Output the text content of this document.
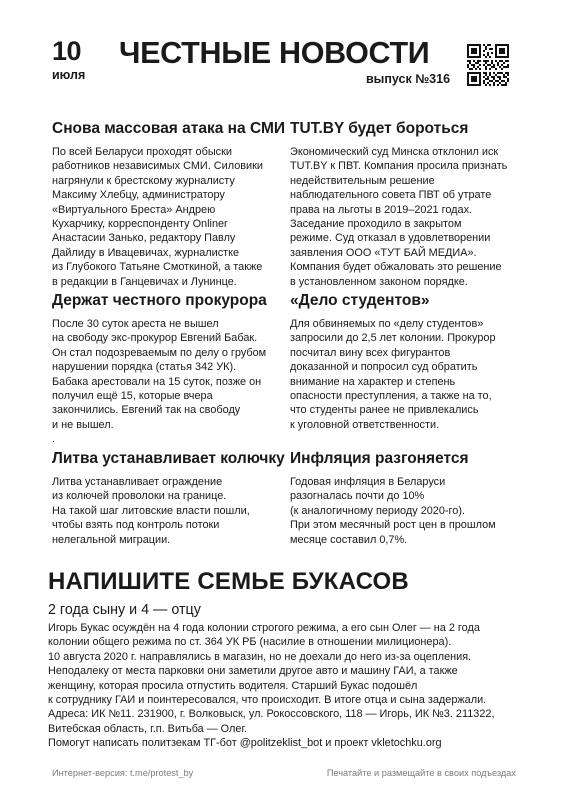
10
июля
ЧЕСТНЫЕ НОВОСТИ
выпуск №316
Снова массовая атака на СМИ
По всей Беларуси проходят обыски
работников независимых СМИ. Силовики
нагрянули к брестскому журналисту
Максиму Хлебцу, администратору
«Виртуального Бреста» Андрею
Кухарчику, корреспонденту Onliner
Анастасии Занько, редактору Павлу
Дайлиду в Ивацевичах, журналистке
из Глубокого Татьяне Смоткиной, а также
в редакции в Ганцевичах и Лунинце.
TUT.BY будет бороться
Экономический суд Минска отклонил иск
TUT.BY к ПВТ. Компания просила признать
недействительным решение
наблюдательного совета ПВТ об утрате
права на льготы в 2019–2021 годах.
Заседание проходило в закрытом
режиме. Суд отказал в удовлетворении
заявления ООО «ТУТ БАЙ МЕДИА».
Компания будет обжаловать это решение
в установленном законом порядке.
Держат честного прокурора
После 30 суток ареста не вышел
на свободу экс-прокурор Евгений Бабак.
Он стал подозреваемым по делу о грубом
нарушении порядка (статья 342 УК).
Бабака арестовали на 15 суток, позже он
получил ещё 15, которые вчера
закончились. Евгений так на свободу
и не вышел.
.
«Дело студентов»
Для обвиняемых по «делу студентов»
запросили до 2,5 лет колонии. Прокурор
посчитал вину всех фигурантов
доказанной и попросил суд обратить
внимание на характер и степень
опасности преступления, а также на то,
что студенты ранее не привлекались
к уголовной ответственности.
Литва устанавливает колючку
Литва устанавливает ограждение
из колючей проволоки на границе.
На такой шаг литовские власти пошли,
чтобы взять под контроль потоки
нелегальной миграции.
Инфляция разгоняется
Годовая инфляция в Беларуси
разогналась почти до 10%
(к аналогичному периоду 2020-го).
При этом месячный рост цен в прошлом
месяце составил 0,7%.
НАПИШИТЕ СЕМЬЕ БУКАСОВ
2 года сыну и 4 — отцу
Игорь Букас осуждён на 4 года колонии строгого режима, а его сын Олег — на 2 года
колонии общего режима по ст. 364 УК РБ (насилие в отношении милиционера).
10 августа 2020 г. направлялись в магазин, но не доехали до него из-за оцепления.
Неподалеку от места парковки они заметили другое авто и машину ГАИ, а также
женщину, которая просила отпустить водителя. Старший Букас подошёл
к сотруднику ГАИ и поинтересовался, что происходит. В итоге отца и сына задержали.
Адреса: ИК №11. 231900, г. Волковыск, ул. Рокоссовского, 118 — Игорь, ИК №3. 211322,
Витебская область, г.п. Витьба — Олег.
Помогут написать политзекам ТГ-бот @politzeklist_bot и проект vkletochku.org
Интернет-версия: t.me/protest_by	Печатайте и размещайте в своих подъездах
